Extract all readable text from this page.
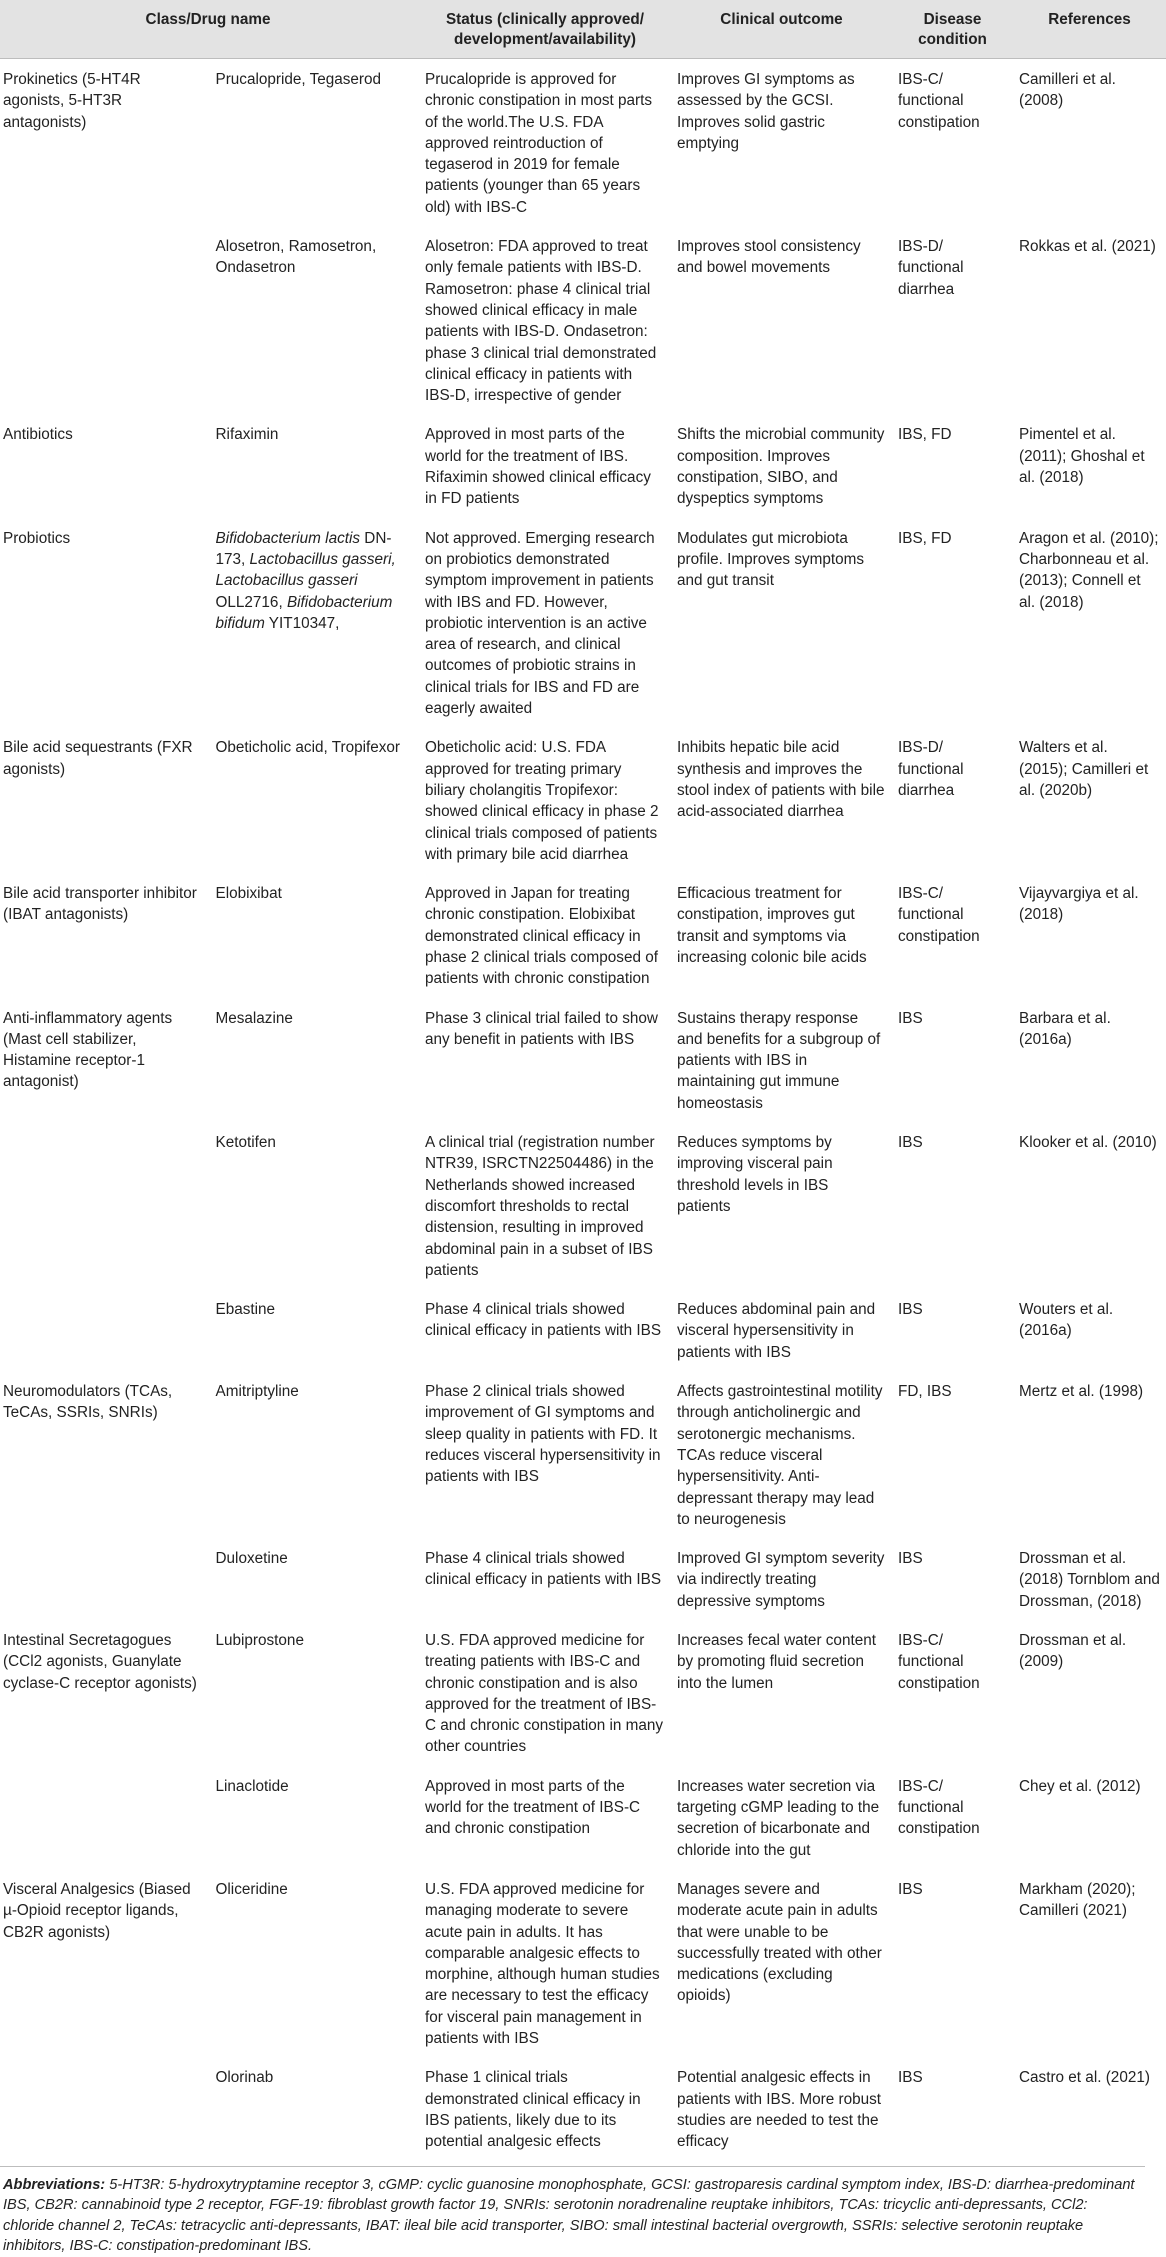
Class/Drug name		Status (clinically approved/ development/availability)	Clinical outcome	Disease condition	References
Prokinetics (5-HT4R agonists, 5-HT3R antagonists)	Prucalopride, Tegaserod	Prucalopride is approved for chronic constipation in most parts of the world.The U.S. FDA approved reintroduction of tegaserod in 2019 for female patients (younger than 65 years old) with IBS-C	Improves GI symptoms as assessed by the GCSI. Improves solid gastric emptying	IBS-C/ functional constipation	Camilleri et al. (2008)
	Alosetron, Ramosetron, Ondasetron	Alosetron: FDA approved to treat only female patients with IBS-D. Ramosetron: phase 4 clinical trial showed clinical efficacy in male patients with IBS-D. Ondasetron: phase 3 clinical trial demonstrated clinical efficacy in patients with IBS-D, irrespective of gender	Improves stool consistency and bowel movements	IBS-D/ functional diarrhea	Rokkas et al. (2021)
Antibiotics	Rifaximin	Approved in most parts of the world for the treatment of IBS. Rifaximin showed clinical efficacy in FD patients	Shifts the microbial community composition. Improves constipation, SIBO, and dyspeptics symptoms	IBS, FD	Pimentel et al. (2011); Ghoshal et al. (2018)
Probiotics	Bifidobacterium lactis DN-173, Lactobacillus gasseri, Lactobacillus gasseri OLL2716, Bifidobacterium bifidum YIT10347,	Not approved. Emerging research on probiotics demonstrated symptom improvement in patients with IBS and FD. However, probiotic intervention is an active area of research, and clinical outcomes of probiotic strains in clinical trials for IBS and FD are eagerly awaited	Modulates gut microbiota profile. Improves symptoms and gut transit	IBS, FD	Aragon et al. (2010); Charbonneau et al. (2013); Connell et al. (2018)
Bile acid sequestrants (FXR agonists)	Obeticholic acid, Tropifexor	Obeticholic acid: U.S. FDA approved for treating primary biliary cholangitis Tropifexor: showed clinical efficacy in phase 2 clinical trials composed of patients with primary bile acid diarrhea	Inhibits hepatic bile acid synthesis and improves the stool index of patients with bile acid-associated diarrhea	IBS-D/ functional diarrhea	Walters et al. (2015); Camilleri et al. (2020b)
Bile acid transporter inhibitor (IBAT antagonists)	Elobixibat	Approved in Japan for treating chronic constipation. Elobixibat demonstrated clinical efficacy in phase 2 clinical trials composed of patients with chronic constipation	Efficacious treatment for constipation, improves gut transit and symptoms via increasing colonic bile acids	IBS-C/ functional constipation	Vijayvargiya et al. (2018)
Anti-inflammatory agents (Mast cell stabilizer, Histamine receptor-1 antagonist)	Mesalazine	Phase 3 clinical trial failed to show any benefit in patients with IBS	Sustains therapy response and benefits for a subgroup of patients with IBS in maintaining gut immune homeostasis	IBS	Barbara et al. (2016a)
	Ketotifen	A clinical trial (registration number NTR39, ISRCTN22504486) in the Netherlands showed increased discomfort thresholds to rectal distension, resulting in improved abdominal pain in a subset of IBS patients	Reduces symptoms by improving visceral pain threshold levels in IBS patients	IBS	Klooker et al. (2010)
	Ebastine	Phase 4 clinical trials showed clinical efficacy in patients with IBS	Reduces abdominal pain and visceral hypersensitivity in patients with IBS	IBS	Wouters et al. (2016a)
Neuromodulators (TCAs, TeCAs, SSRIs, SNRIs)	Amitriptyline	Phase 2 clinical trials showed improvement of GI symptoms and sleep quality in patients with FD. It reduces visceral hypersensitivity in patients with IBS	Affects gastrointestinal motility through anticholinergic and serotonergic mechanisms. TCAs reduce visceral hypersensitivity. Anti-depressant therapy may lead to neurogenesis	FD, IBS	Mertz et al. (1998)
	Duloxetine	Phase 4 clinical trials showed clinical efficacy in patients with IBS	Improved GI symptom severity via indirectly treating depressive symptoms	IBS	Drossman et al. (2018) Tornblom and Drossman, (2018)
Intestinal Secretagogues (CCl2 agonists, Guanylate cyclase-C receptor agonists)	Lubiprostone	U.S. FDA approved medicine for treating patients with IBS-C and chronic constipation and is also approved for the treatment of IBS-C and chronic constipation in many other countries	Increases fecal water content by promoting fluid secretion into the lumen	IBS-C/ functional constipation	Drossman et al. (2009)
	Linaclotide	Approved in most parts of the world for the treatment of IBS-C and chronic constipation	Increases water secretion via targeting cGMP leading to the secretion of bicarbonate and chloride into the gut	IBS-C/ functional constipation	Chey et al. (2012)
Visceral Analgesics (Biased µ-Opioid receptor ligands, CB2R agonists)	Oliceridine	U.S. FDA approved medicine for managing moderate to severe acute pain in adults. It has comparable analgesic effects to morphine, although human studies are necessary to test the efficacy for visceral pain management in patients with IBS	Manages severe and moderate acute pain in adults that were unable to be successfully treated with other medications (excluding opioids)	IBS	Markham (2020); Camilleri (2021)
	Olorinab	Phase 1 clinical trials demonstrated clinical efficacy in IBS patients, likely due to its potential analgesic effects	Potential analgesic effects in patients with IBS. More robust studies are needed to test the efficacy	IBS	Castro et al. (2021)
Abbreviations: 5-HT3R: 5-hydroxytryptamine receptor 3, cGMP: cyclic guanosine monophosphate, GCSI: gastroparesis cardinal symptom index, IBS-D: diarrhea-predominant IBS, CB2R: cannabinoid type 2 receptor, FGF-19: fibroblast growth factor 19, SNRIs: serotonin noradrenaline reuptake inhibitors, TCAs: tricyclic anti-depressants, CCl2: chloride channel 2, TeCAs: tetracyclic anti-depressants, IBAT: ileal bile acid transporter, SIBO: small intestinal bacterial overgrowth, SSRIs: selective serotonin reuptake inhibitors, IBS-C: constipation-predominant IBS.
